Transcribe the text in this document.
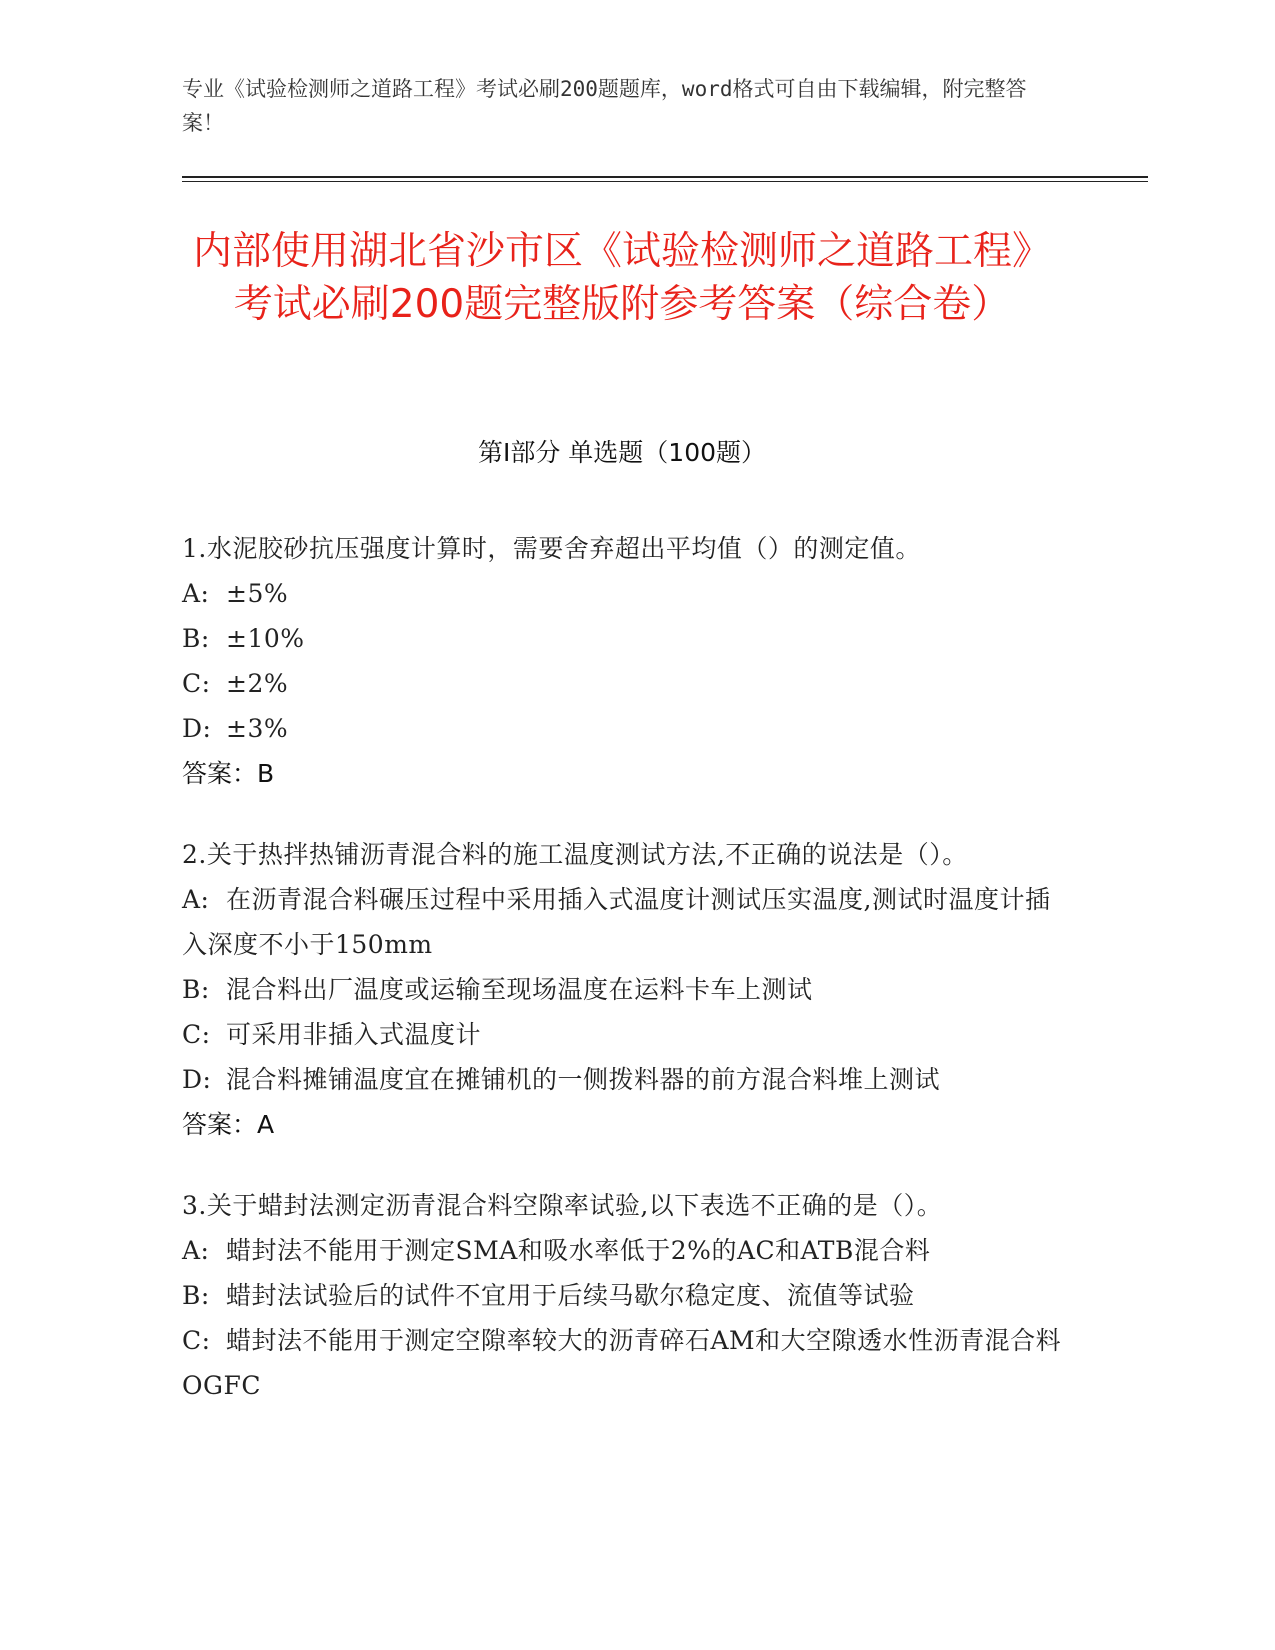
专业《试验检测师之道路工程》考试必刷200题题库，word格式可自由下载编辑，附完整答案！
内部使用湖北省沙市区《试验检测师之道路工程》考试必刷200题完整版附参考答案（综合卷）
第I部分 单选题（100题）
1.水泥胶砂抗压强度计算时，需要舍弃超出平均值（）的测定值。
A: ±5%
B: ±10%
C: ±2%
D: ±3%
答案：B
2.关于热拌热铺沥青混合料的施工温度测试方法,不正确的说法是（）。
A: 在沥青混合料碾压过程中采用插入式温度计测试压实温度,测试时温度计插入深度不小于150mm
B: 混合料出厂温度或运输至现场温度在运料卡车上测试
C: 可采用非插入式温度计
D: 混合料摊铺温度宜在摊铺机的一侧拨料器的前方混合料堆上测试
答案：A
3.关于蜡封法测定沥青混合料空隙率试验,以下表选不正确的是（）。
A: 蜡封法不能用于测定SMA和吸水率低于2%的AC和ATB混合料
B: 蜡封法试验后的试件不宜用于后续马歇尔稳定度、流值等试验
C: 蜡封法不能用于测定空隙率较大的沥青碎石AM和大空隙透水性沥青混合料OGFC
